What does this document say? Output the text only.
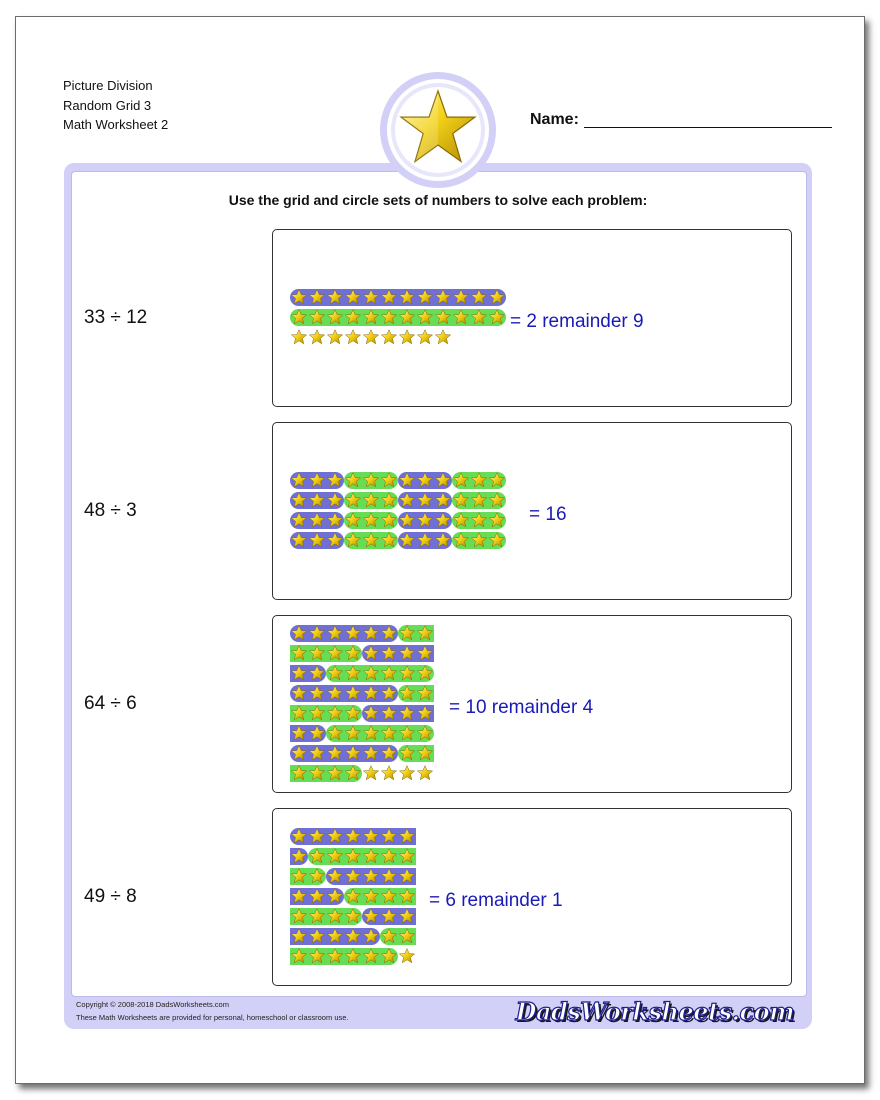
Picture Division
Random Grid 3
Math Worksheet 2	Name:
Use the grid and circle sets of numbers to solve each problem:
33 ÷ 12	= 2 remainder 9
48 ÷ 3	= 16
64 ÷ 6	= 10 remainder 4
49 ÷ 8	= 6 remainder 1
Copyright © 2008-2018 DadsWorksheets.com
These Math Worksheets are provided for personal, homeschool or classroom use.	DadsWorksheets.com
